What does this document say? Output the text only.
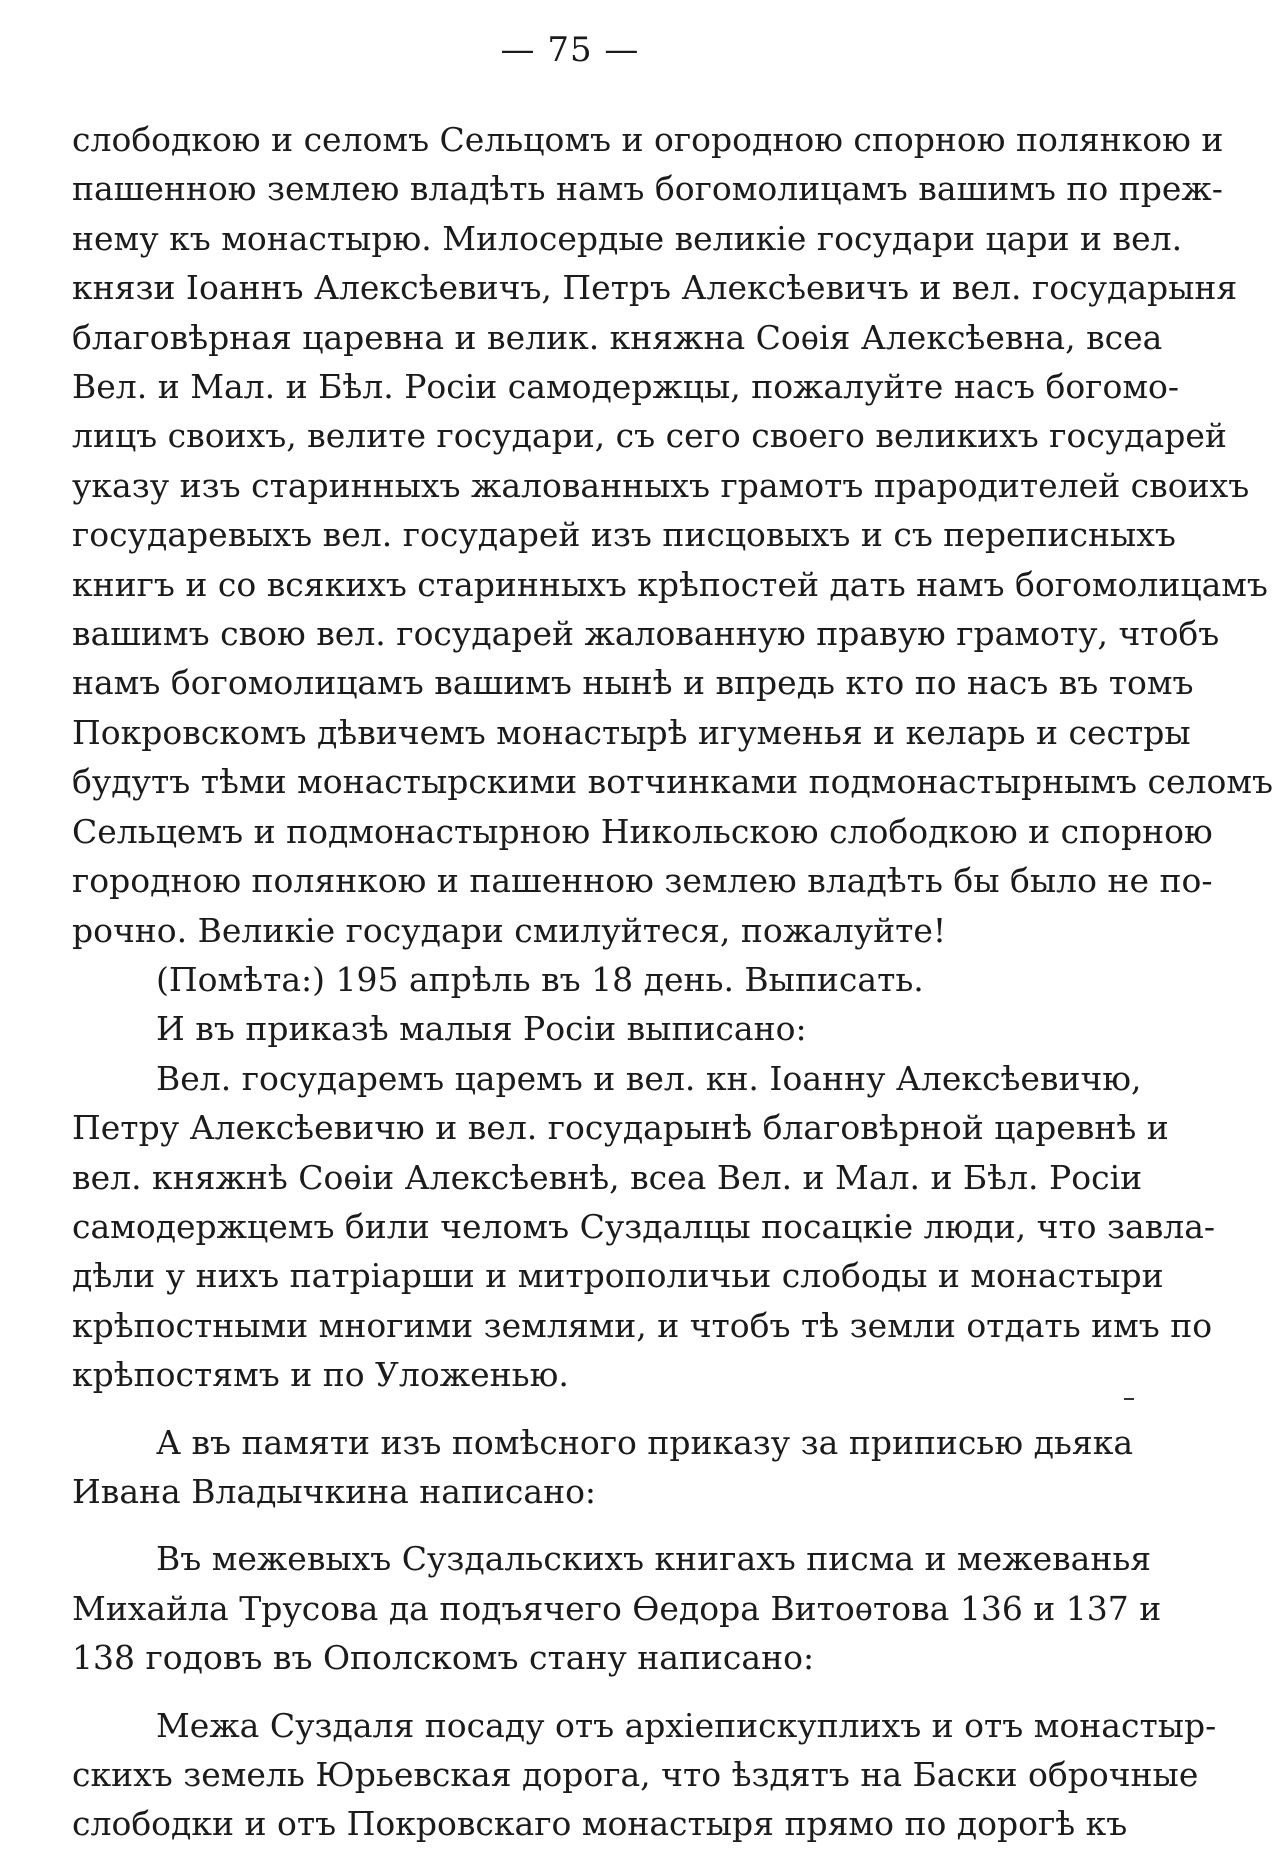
— 75 —
слободкою и селомъ Сельцомъ и огородною спорною полянкою и
пашенною землею владѣть намъ богомолицамъ вашимъ по преж-
нему къ монастырю. Милосердые великіе государи цари и вел.
князи Іоаннъ Алексѣевичъ, Петръ Алексѣевичъ и вел. государыня
благовѣрная царевна и велик. княжна Соѳія Алексѣевна, всеа
Вел. и Мал. и Бѣл. Росіи самодержцы, пожалуйте насъ богомо-
лицъ своихъ, велите государи, съ сего своего великихъ государей
указу изъ старинныхъ жалованныхъ грамотъ прародителей своихъ
государевыхъ вел. государей изъ писцовыхъ и съ переписныхъ
книгъ и со всякихъ старинныхъ крѣпостей дать намъ богомолицамъ
вашимъ свою вел. государей жалованную правую грамоту, чтобъ
намъ богомолицамъ вашимъ нынѣ и впредь кто по насъ въ томъ
Покровскомъ дѣвичемъ монастырѣ игуменья и келарь и сестры
будутъ тѣми монастырскими вотчинками подмонастырнымъ селомъ
Сельцемъ и подмонастырною Никольскою слободкою и спорною
городною полянкою и пашенною землею владѣть бы было не по-
рочно. Великіе государи смилуйтеся, пожалуйте!
(Помѣта:) 195 апрѣль въ 18 день. Выписать.
И въ приказѣ малыя Росіи выписано:
Вел. государемъ царемъ и вел. кн. Іоанну Алексѣевичю,
Петру Алексѣевичю и вел. государынѣ благовѣрной царевнѣ и
вел. княжнѣ Соѳіи Алексѣевнѣ, всеа Вел. и Мал. и Бѣл. Росіи
самодержцемъ били челомъ Суздалцы посацкіе люди, что завла-
дѣли у нихъ патріарши и митрополичьи слободы и монастыри
крѣпостными многими землями, и чтобъ тѣ земли отдать имъ по
крѣпостямъ и по Уложенью.
А въ памяти изъ помѣсного приказу за приписью дьяка
Ивана Владычкина написано:
Въ межевыхъ Суздальскихъ книгахъ писма и межеванья
Михайла Трусова да подъячего Ѳедора Витоѳтова 136 и 137 и
138 годовъ въ Ополскомъ стану написано:
Межа Суздаля посаду отъ архіепискуплихъ и отъ монастыр-
скихъ земель Юрьевская дорога, что ѣздятъ на Баски оброчные
слободки и отъ Покровскаго монастыря прямо по дорогѣ къ
